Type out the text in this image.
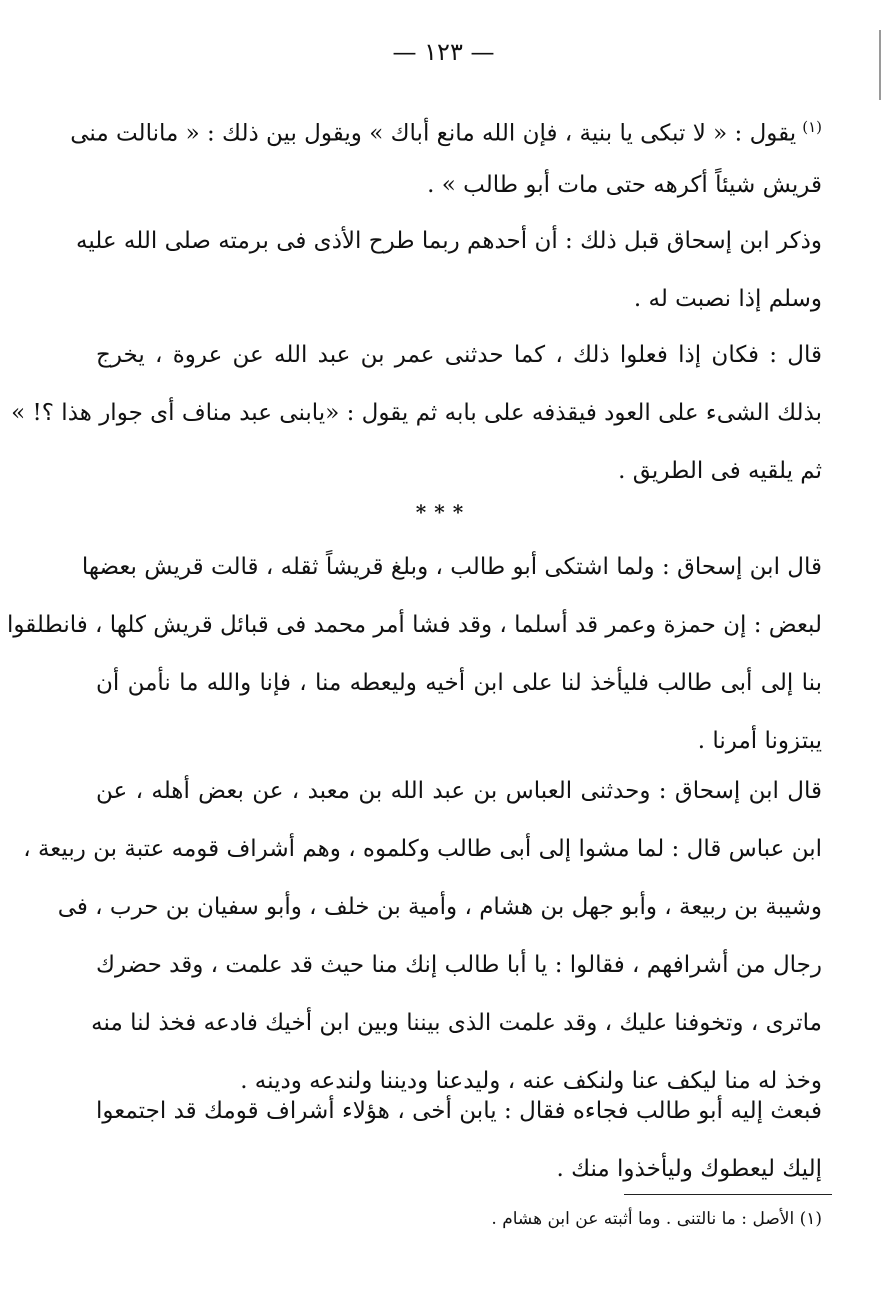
— ١٢٣ —
$^{(١)}$يقول : « لا تبكى يا بنية ، فإن الله مانع أباك » ويقول بين ذلك : « مانالت منى
قريش شيئاً أكرهه حتى مات أبو طالب » .
وذكر ابن إسحاق قبل ذلك : أن أحدهم ربما طرح الأذى فى برمته صلى الله عليه
وسلم إذا نصبت له .
قال : فكان إذا فعلوا ذلك ، كما حدثنى عمر بن عبد الله عن عروة ، يخرج
بذلك الشىء على العود فيقذفه على بابه ثم يقول : «يابنى عبد مناف أى جوار هذا ؟! »
ثم يلقيه فى الطريق .
***
قال ابن إسحاق : ولما اشتكى أبو طالب ، وبلغ قريشاً ثقله ، قالت قريش بعضها
لبعض : إن حمزة وعمر قد أسلما ، وقد فشا أمر محمد فى قبائل قريش كلها ، فانطلقوا
بنا إلى أبى طالب فليأخذ لنا على ابن أخيه وليعطه منا ، فإنا والله ما نأمن أن
يبتزونا أمرنا .
قال ابن إسحاق : وحدثنى العباس بن عبد الله بن معبد ، عن بعض أهله ، عن
ابن عباس قال : لما مشوا إلى أبى طالب وكلموه ، وهم أشراف قومه عتبة بن ربيعة ،
وشيبة بن ربيعة ، وأبو جهل بن هشام ، وأمية بن خلف ، وأبو سفيان بن حرب ، فى
رجال من أشرافهم ، فقالوا : يا أبا طالب إنك منا حيث قد علمت ، وقد حضرك
ماترى ، وتخوفنا عليك ، وقد علمت الذى بيننا وبين ابن أخيك فادعه فخذ لنا منه
وخذ له منا ليكف عنا ولنكف عنه ، وليدعنا وديننا ولندعه ودينه .
فبعث إليه أبو طالب فجاءه فقال : يابن أخى ، هؤلاء أشراف قومك قد اجتمعوا
إليك ليعطوك وليأخذوا منك .
(١) الأصل : ما نالتنى . وما أثبته عن ابن هشام .
